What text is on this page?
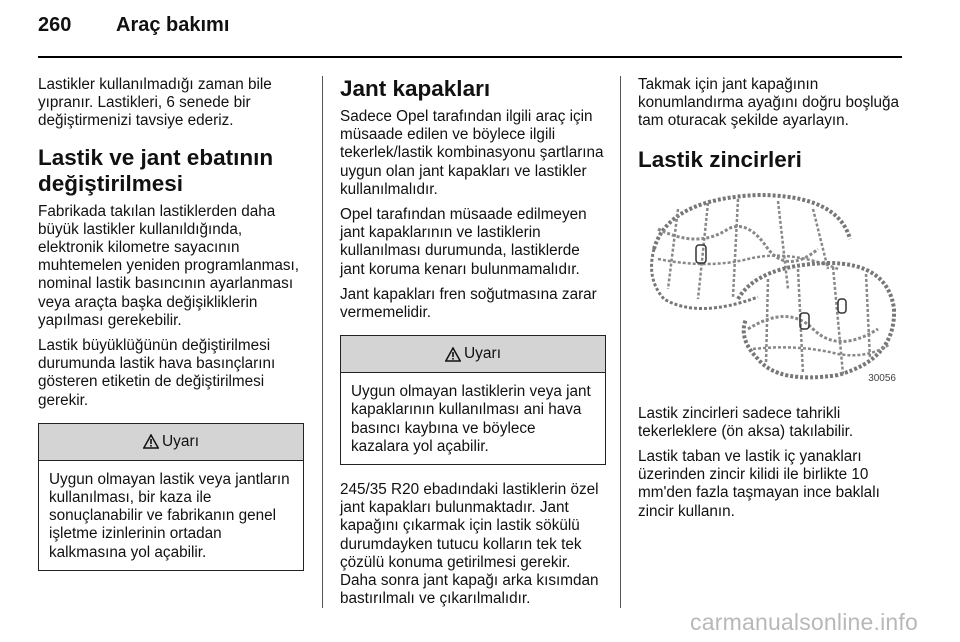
260 Araç bakımı

Lastikler kullanılmadığı zaman bile yıpranır. Lastikleri, 6 senede bir değiştirmenizi tavsiye ederiz.

Lastik ve jant ebatının değiştirilmesi

Fabrikada takılan lastiklerden daha büyük lastikler kullanıldığında, elektronik kilometre sayacının muhtemelen yeniden programlanması, nominal lastik basıncının ayarlanması veya araçta başka değişikliklerin yapılması gerekebilir.

Lastik büyüklüğünün değiştirilmesi durumunda lastik hava basınçlarını gösteren etiketin de değiştirilmesi gerekir.

Uyarı

Uygun olmayan lastik veya jantların kullanılması, bir kaza ile sonuçlanabilir ve fabrikanın genel işletme izinlerinin ortadan kalkmasına yol açabilir.

Jant kapakları

Sadece Opel tarafından ilgili araç için müsaade edilen ve böylece ilgili tekerlek/lastik kombinasyonu şartlarına uygun olan jant kapakları ve lastikler kullanılmalıdır.

Opel tarafından müsaade edilmeyen jant kapaklarının ve lastiklerin kullanılması durumunda, lastiklerde jant koruma kenarı bulunmamalıdır.

Jant kapakları fren soğutmasına zarar vermemelidir.

Uyarı

Uygun olmayan lastiklerin veya jant kapaklarının kullanılması ani hava basıncı kaybına ve böylece kazalara yol açabilir.

245/35 R20 ebadındaki lastiklerin özel jant kapakları bulunmaktadır. Jant kapağını çıkarmak için lastik sökülü durumdayken tutucu kolların tek tek çözülü konuma getirilmesi gerekir. Daha sonra jant kapağı arka kısımdan bastırılmalı ve çıkarılmalıdır.

Takmak için jant kapağının konumlandırma ayağını doğru boşluğa tam oturacak şekilde ayarlayın.

Lastik zincirleri
30056

Lastik zincirleri sadece tahrikli tekerleklere (ön aksa) takılabilir.

Lastik taban ve lastik iç yanakları üzerinden zincir kilidi ile birlikte 10 mm'den fazla taşmayan ince baklalı zincir kullanın.

carmanualsonline.info
